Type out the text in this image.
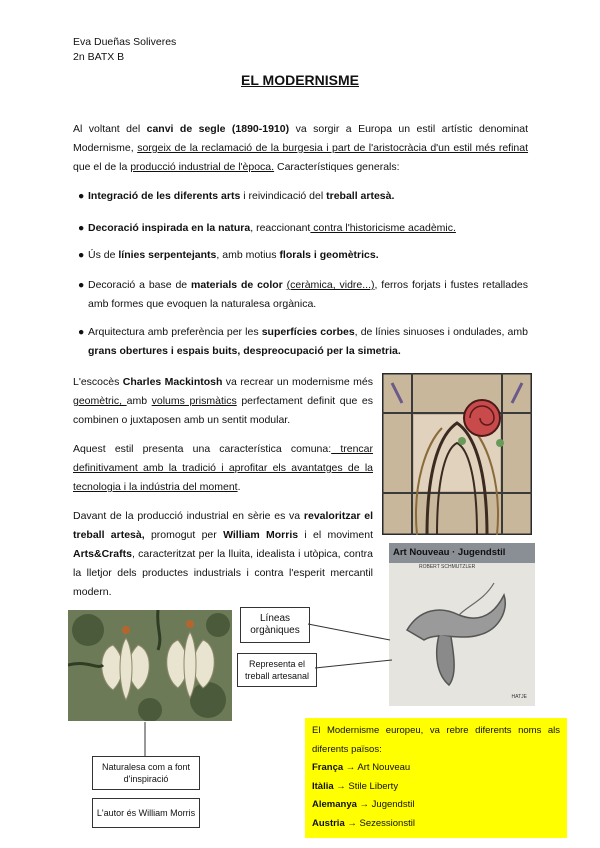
Eva Dueñas Soliveres
2n BATX B
EL MODERNISME
Al voltant del canvi de segle (1890-1910) va sorgir a Europa un estil artístic denominat Modernisme, sorgeix de la reclamació de la burgesia i part de l'aristocràcia d'un estil més refinat que el de la producció industrial de l'època. Característiques generals:
● Integració de les diferents arts i reivindicació del treball artesà.
● Decoració inspirada en la natura, reaccionant contra l'historicisme acadèmic.
● Ús de línies serpentejants, amb motius florals i geomètrics.
● Decoració a base de materials de color (ceràmica, vidre...), ferros forjats i fustes retallades amb formes que evoquen la naturalesa orgànica.
● Arquitectura amb preferència per les superfícies corbes, de línies sinuoses i ondulades, amb grans obertures i espais buits, despreocupació per la simetria.
L'escocès Charles Mackintosh va recrear un modernisme més geomètric, amb volums prismàtics perfectament definit que es combinen o juxtaposen amb un sentit modular.
Aquest estil presenta una característica comuna: trencar definitivament amb la tradició i aprofitar els avantatges de la tecnologia i la indústria del moment.
Davant de la producció industrial en sèrie es va revaloritzar el treball artesà, promogut per William Morris i el moviment Arts&Crafts, caracteritzat per la lluita, idealista i utòpica, contra la lletjor dels productes industrials i contra l'esperit mercantil modern.
Art Nouveau · Jugendstil
ROBERT SCHMUTZLER
HATJE
Líneas orgàniques
Representa el treball artesanal
Naturalesa com a font d'inspiració
L'autor és William Morris
El Modernisme europeu, va rebre diferents noms als diferents països:
França → Art Nouveau
Itàlia → Stile Liberty
Alemanya → Jugendstil
Austria → Sezessionstil
